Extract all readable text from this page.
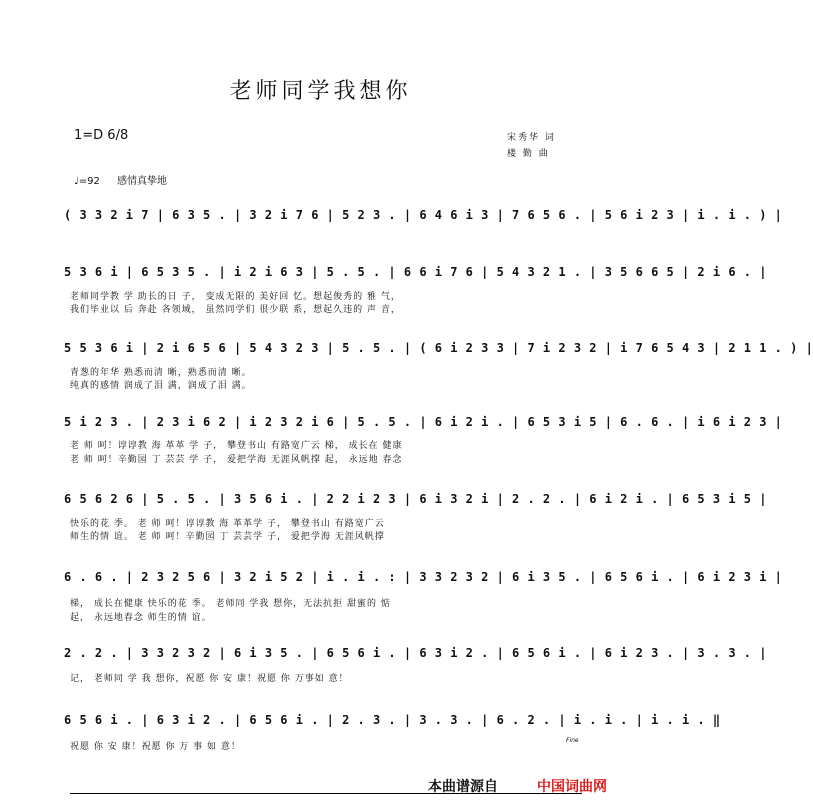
老师同学我想你
1=D 6/8	宋秀华 词
楼 勤 曲
♩=92 感情真挚地
( 3 3 2 i 7 | 6 3 5 . | 3 2 i 7 6 | 5 2 3 . | 6 4 6 i 3 | 7 6 5 6 . | 5 6 i 2 3 | i . i . ) |
5 3 6 i | 6 5 3 5 . | i 2 i 6 3 | 5 . 5 . | 6 6 i 7 6 | 5 4 3 2 1 . | 3 5 6 6 5 | 2 i 6 . |
老师同学教 学 助长的日 子， 变成无限的 美好回 忆。想起俊秀的 雅 气，
我们毕业以 后 奔赴 各领域， 虽然同学们 很少联 系，想起久违的 声 音，
5 5 3 6 i | 2 i 6 5 6 | 5 4 3 2 3 | 5 . 5 . | ( 6 i 2 3 3 | 7 i 2 3 2 | i 7 6 5 4 3 | 2 1 1 . ) |
青葱的年华 熟悉而清 晰，熟悉而清 晰。
纯真的感情 润成了泪 满，润成了泪 满。
5 i 2 3 . | 2 3 i 6 2 | i 2 3 2 i 6 | 5 . 5 . | 6 i 2 i . | 6 5 3 i 5 | 6 . 6 . | i 6 i 2 3 |
老 师 呵！谆谆教 海 革革 学 子， 攀登书山 有路宽广云 梯， 成长在 健康
老 师 呵！辛勤园 丁 芸芸 学 子， 爱把学海 无涯风帆撑 起， 永远地 春念
6 5 6 2 6 | 5 . 5 . | 3 5 6 i . | 2 2 i 2 3 | 6 i 3 2 i | 2 . 2 . | 6 i 2 i . | 6 5 3 i 5 |
快乐的花 季。 老 师 呵！谆谆教 海 革革学 子， 攀登书山 有路宽广云
师生的情 谊。 老 师 呵！辛勤园 丁 芸芸学 子， 爱把学海 无涯风帆撑
6 . 6 . | 2 3 2 5 6 | 3 2 i 5 2 | i . i . : | 3 3 2 3 2 | 6 i 3 5 . | 6 5 6 i . | 6 i 2 3 i |
梯， 成长在健康 快乐的花 季。 老师同 学我 想你，无法抗拒 甜蜜的 惦
起， 永远地春念 师生的情 谊。
2 . 2 . | 3 3 2 3 2 | 6 i 3 5 . | 6 5 6 i . | 6 3 i 2 . | 6 5 6 i . | 6 i 2 3 . | 3 . 3 . |
记， 老师同 学 我 想你，祝愿 你 安 康！祝愿 你 万事如 意！
6 5 6 i . | 6 3 i 2 . | 6 5 6 i . | 2 . 3 . | 3 . 3 . | 6 . 2 . | i . i . | i . i . ‖
祝愿 你 安 康！祝愿 你 万 事 如 意！
Fine
本曲谱源自	中国词曲网
